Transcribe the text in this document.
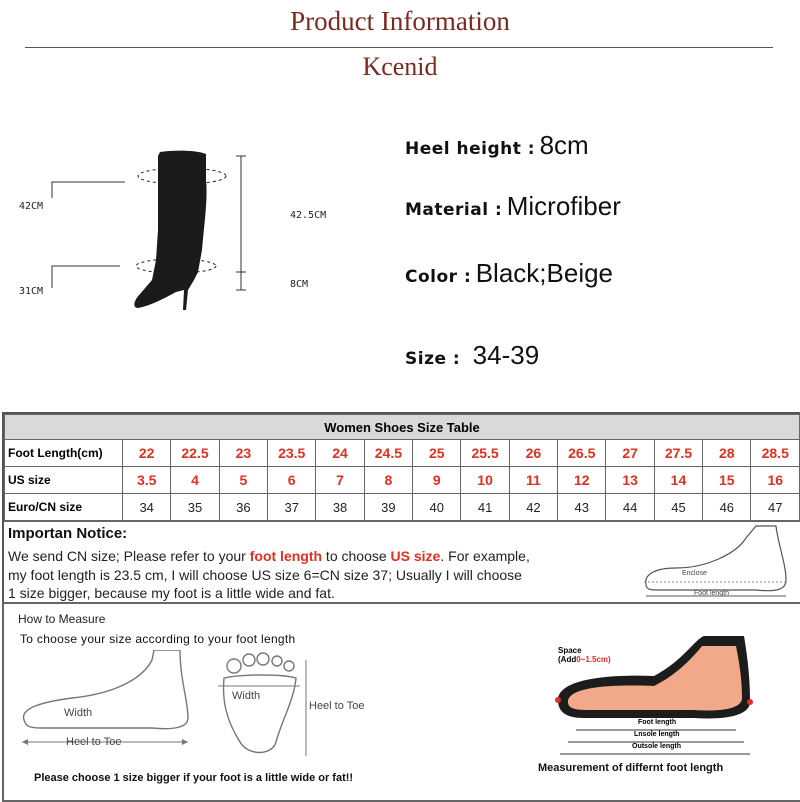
Product Information
Kcenid
42CM
31CM
42.5CM
8CM
Heel height : 8cm
Material : Microfiber
Color : Black;Beige
Size : 34-39
Women Shoes Size Table														
Foot Length(cm)	22	22.5	23	23.5	24	24.5	25	25.5	26	26.5	27	27.5	28	28.5
US size	3.5	4	5	6	7	8	9	10	11	12	13	14	15	16
Euro/CN size	34	35	36	37	38	39	40	41	42	43	44	45	46	47
Importan Notice:
We send CN size; Please refer to your foot length to choose US size. For example,
my foot length is 23.5 cm, I will choose US size 6=CN size 37; Usually I will choose
1 size bigger, because my foot is a little wide and fat.
Enclose
Foot length
How to Measure
To choose your size according to your foot length
Width
Heel to Toe
Width
Heel to Toe
Space
(Add0~1.5cm)
Foot length
Lnsole length
Outsole length
Please choose 1 size bigger if your foot is a little wide or fat!!
Measurement of differnt foot length
